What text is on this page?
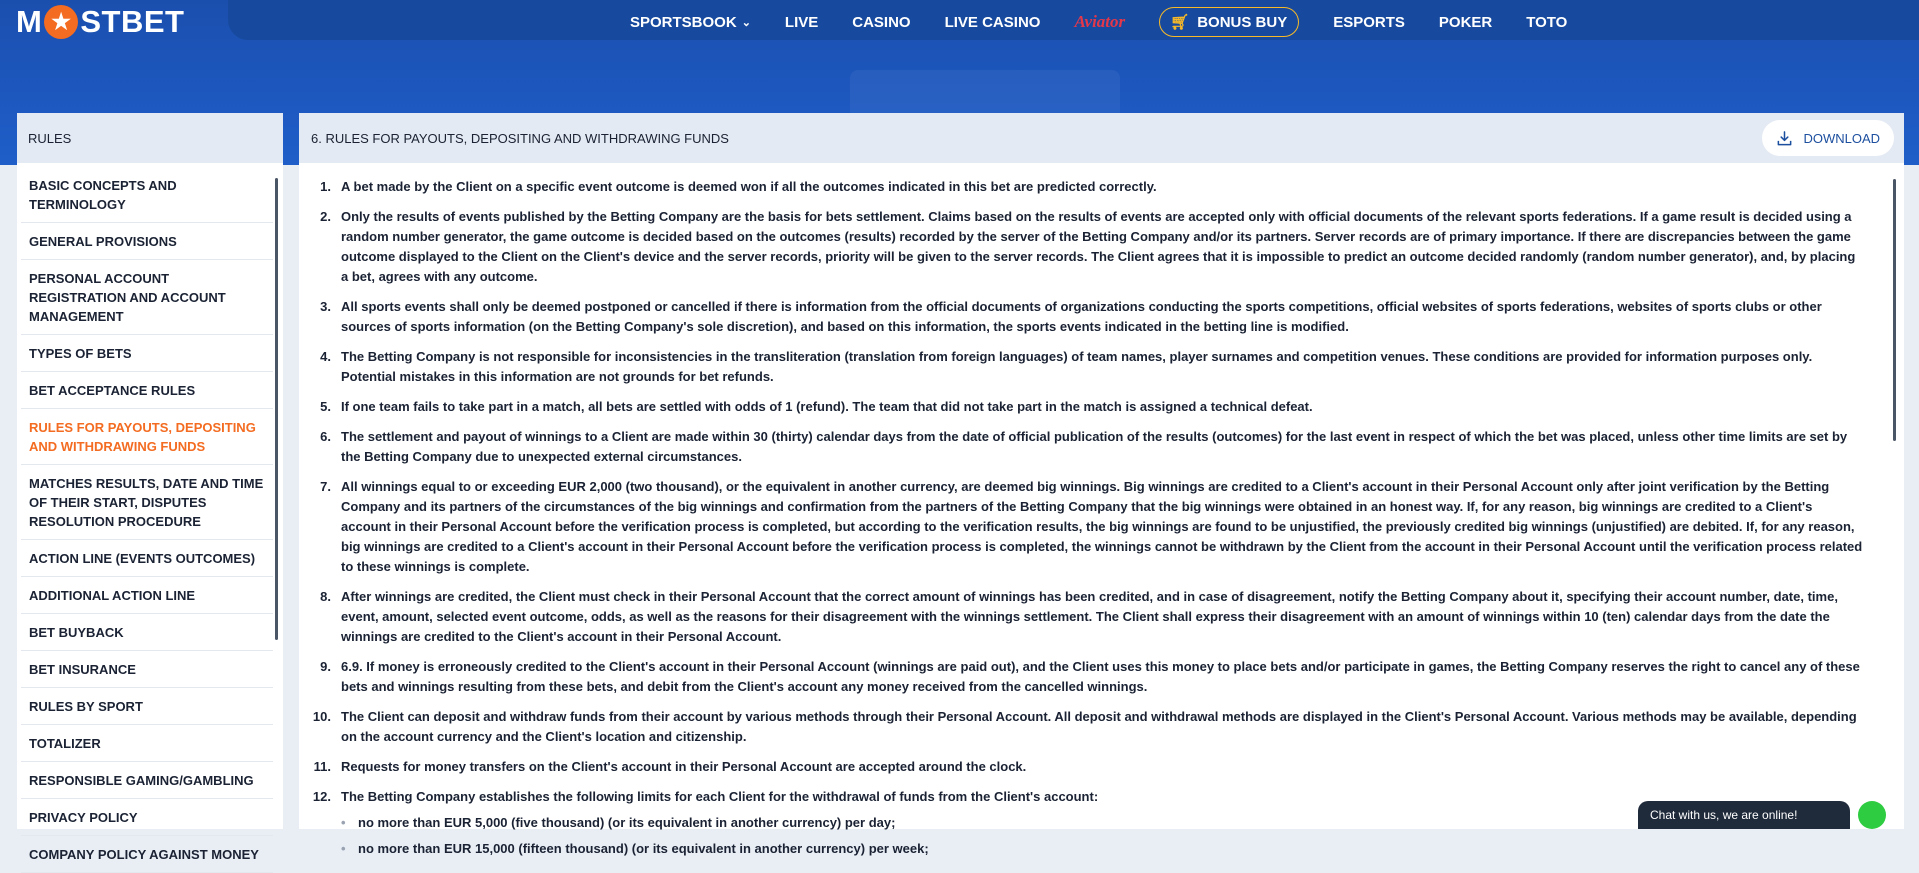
M ★ STBET	SPORTSBOOK ⌄ LIVE CASINO LIVE CASINO Aviator	🛒︎ BONUS BUY	ESPORTS POKER TOTO
RULES
BASIC CONCEPTS AND TERMINOLOGY
GENERAL PROVISIONS
PERSONAL ACCOUNT REGISTRATION AND ACCOUNT MANAGEMENT
TYPES OF BETS
BET ACCEPTANCE RULES
RULES FOR PAYOUTS, DEPOSITING AND WITHDRAWING FUNDS
MATCHES RESULTS, DATE AND TIME OF THEIR START, DISPUTES RESOLUTION PROCEDURE
ACTION LINE (EVENTS OUTCOMES)
ADDITIONAL ACTION LINE
BET BUYBACK
BET INSURANCE
RULES BY SPORT
TOTALIZER
RESPONSIBLE GAMING/GAMBLING
PRIVACY POLICY
COMPANY POLICY AGAINST MONEY
6. RULES FOR PAYOUTS, DEPOSITING AND WITHDRAWING FUNDS	DOWNLOAD
1. A bet made by the Client on a specific event outcome is deemed won if all the outcomes indicated in this bet are predicted correctly.
2. Only the results of events published by the Betting Company are the basis for bets settlement. Claims based on the results of events are accepted only with official documents of the relevant sports federations. If a game result is decided using a random number generator, the game outcome is decided based on the outcomes (results) recorded by the server of the Betting Company and/or its partners. Server records are of primary importance. If there are discrepancies between the game outcome displayed to the Client on the Client's device and the server records, priority will be given to the server records. The Client agrees that it is impossible to predict an outcome decided randomly (random number generator), and, by placing a bet, agrees with any outcome.
3. All sports events shall only be deemed postponed or cancelled if there is information from the official documents of organizations conducting the sports competitions, official websites of sports federations, websites of sports clubs or other sources of sports information (on the Betting Company's sole discretion), and based on this information, the sports events indicated in the betting line is modified.
4. The Betting Company is not responsible for inconsistencies in the transliteration (translation from foreign languages) of team names, player surnames and competition venues. These conditions are provided for information purposes only. Potential mistakes in this information are not grounds for bet refunds.
5. If one team fails to take part in a match, all bets are settled with odds of 1 (refund). The team that did not take part in the match is assigned a technical defeat.
6. The settlement and payout of winnings to a Client are made within 30 (thirty) calendar days from the date of official publication of the results (outcomes) for the last event in respect of which the bet was placed, unless other time limits are set by the Betting Company due to unexpected external circumstances.
7. All winnings equal to or exceeding EUR 2,000 (two thousand), or the equivalent in another currency, are deemed big winnings. Big winnings are credited to a Client's account in their Personal Account only after joint verification by the Betting Company and its partners of the circumstances of the big winnings and confirmation from the partners of the Betting Company that the big winnings were obtained in an honest way. If, for any reason, big winnings are credited to a Client's account in their Personal Account before the verification process is completed, but according to the verification results, the big winnings are found to be unjustified, the previously credited big winnings (unjustified) are debited. If, for any reason, big winnings are credited to a Client's account in their Personal Account before the verification process is completed, the winnings cannot be withdrawn by the Client from the account in their Personal Account until the verification process related to these winnings is complete.
8. After winnings are credited, the Client must check in their Personal Account that the correct amount of winnings has been credited, and in case of disagreement, notify the Betting Company about it, specifying their account number, date, time, event, amount, selected event outcome, odds, as well as the reasons for their disagreement with the winnings settlement. The Client shall express their disagreement with an amount of winnings within 10 (ten) calendar days from the date the winnings are credited to the Client's account in their Personal Account.
9. 6.9. If money is erroneously credited to the Client's account in their Personal Account (winnings are paid out), and the Client uses this money to place bets and/or participate in games, the Betting Company reserves the right to cancel any of these bets and winnings resulting from these bets, and debit from the Client's account any money received from the cancelled winnings.
10. The Client can deposit and withdraw funds from their account by various methods through their Personal Account. All deposit and withdrawal methods are displayed in the Client's Personal Account. Various methods may be available, depending on the account currency and the Client's location and citizenship.
11. Requests for money transfers on the Client's account in their Personal Account are accepted around the clock.
12. The Betting Company establishes the following limits for each Client for the withdrawal of funds from the Client's account:
• no more than EUR 5,000 (five thousand) (or its equivalent in another currency) per day;
• no more than EUR 15,000 (fifteen thousand) (or its equivalent in another currency) per week;
Chat with us, we are online!
